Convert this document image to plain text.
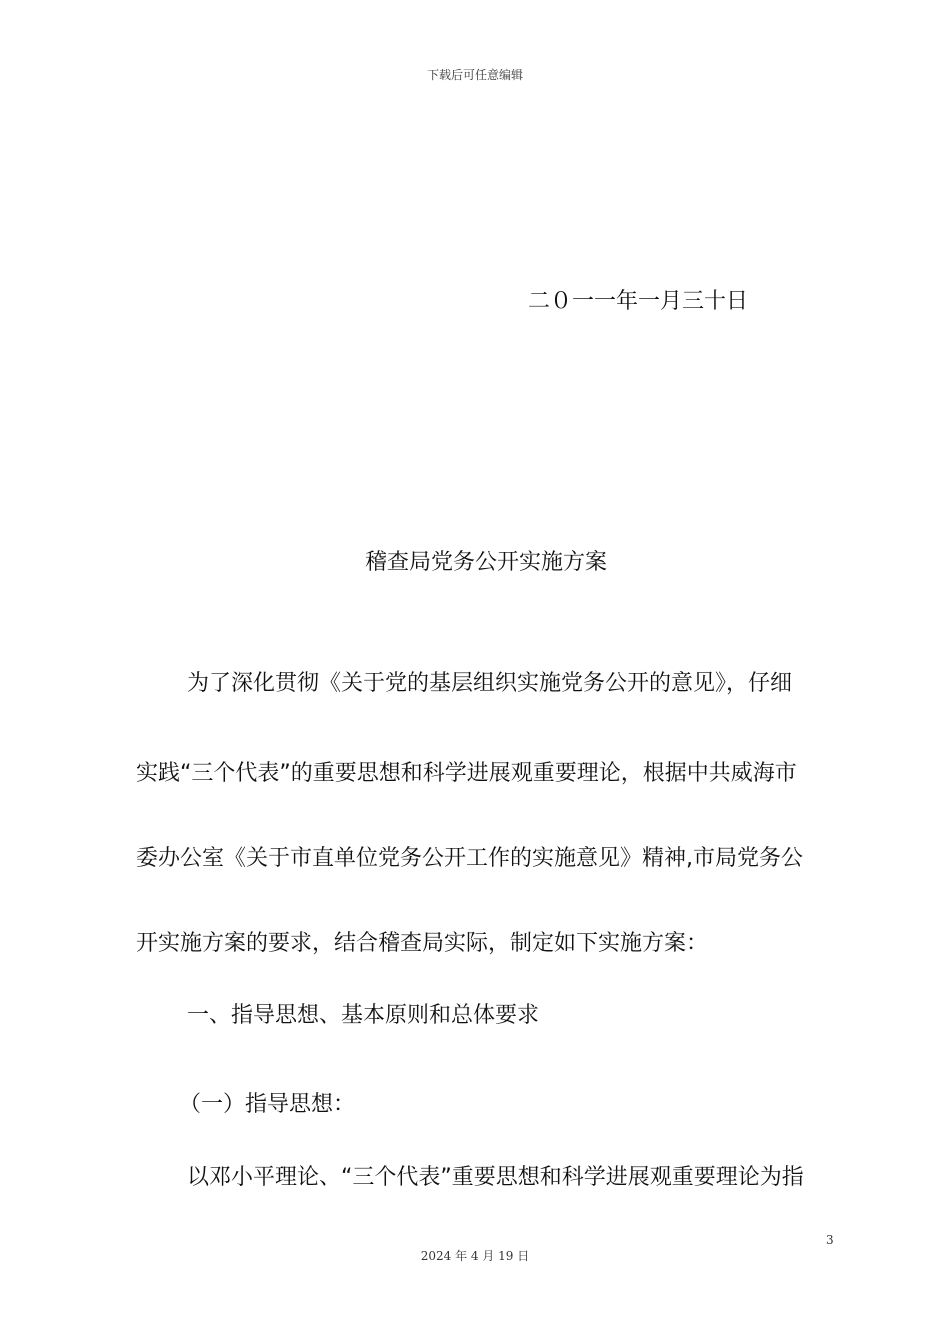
下载后可任意编辑
二０一一年一月三十日
稽查局党务公开实施方案
为了深化贯彻《关于党的基层组织实施党务公开的意见》，仔细
实践“三个代表”的重要思想和科学进展观重要理论，根据中共威海市
委办公室《关于市直单位党务公开工作的实施意见》精神,市局党务公
开实施方案的要求，结合稽查局实际，制定如下实施方案：
一、指导思想、基本原则和总体要求
（一）指导思想：
以邓小平理论、“三个代表”重要思想和科学进展观重要理论为指
3
2024 年 4 月 19 日
